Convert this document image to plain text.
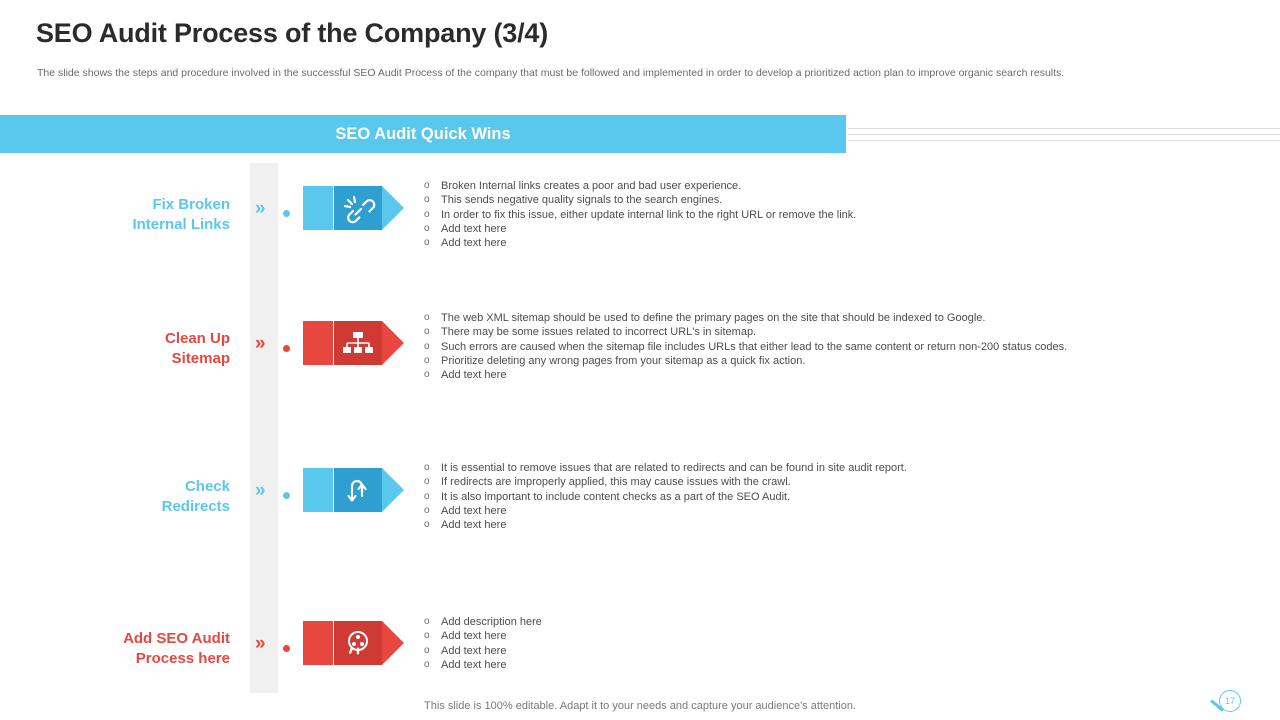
SEO Audit Process of the Company (3/4)
The slide shows the steps and procedure involved in the successful SEO Audit Process of the company that must be followed and implemented in order to develop a prioritized action plan to improve organic search results.
SEO Audit Quick Wins
Fix Broken
Internal Links
»
o Broken Internal links creates a poor and bad user experience.
o This sends negative quality signals to the search engines.
o In order to fix this issue, either update internal link to the right URL or remove the link.
o Add text here
o Add text here
Clean Up
Sitemap
»
o The web XML sitemap should be used to define the primary pages on the site that should be indexed to Google.
o There may be some issues related to incorrect URL's in sitemap.
o Such errors are caused when the sitemap file includes URLs that either lead to the same content or return non-200 status codes.
o Prioritize deleting any wrong pages from your sitemap as a quick fix action.
o Add text here
Check
Redirects
»
o It is essential to remove issues that are related to redirects and can be found in site audit report.
o If redirects are improperly applied, this may cause issues with the crawl.
o It is also important to include content checks as a part of the SEO Audit.
o Add text here
o Add text here
Add SEO Audit
Process here
»
o Add description here
o Add text here
o Add text here
o Add text here
This slide is 100% editable. Adapt it to your needs and capture your audience's attention.	17
